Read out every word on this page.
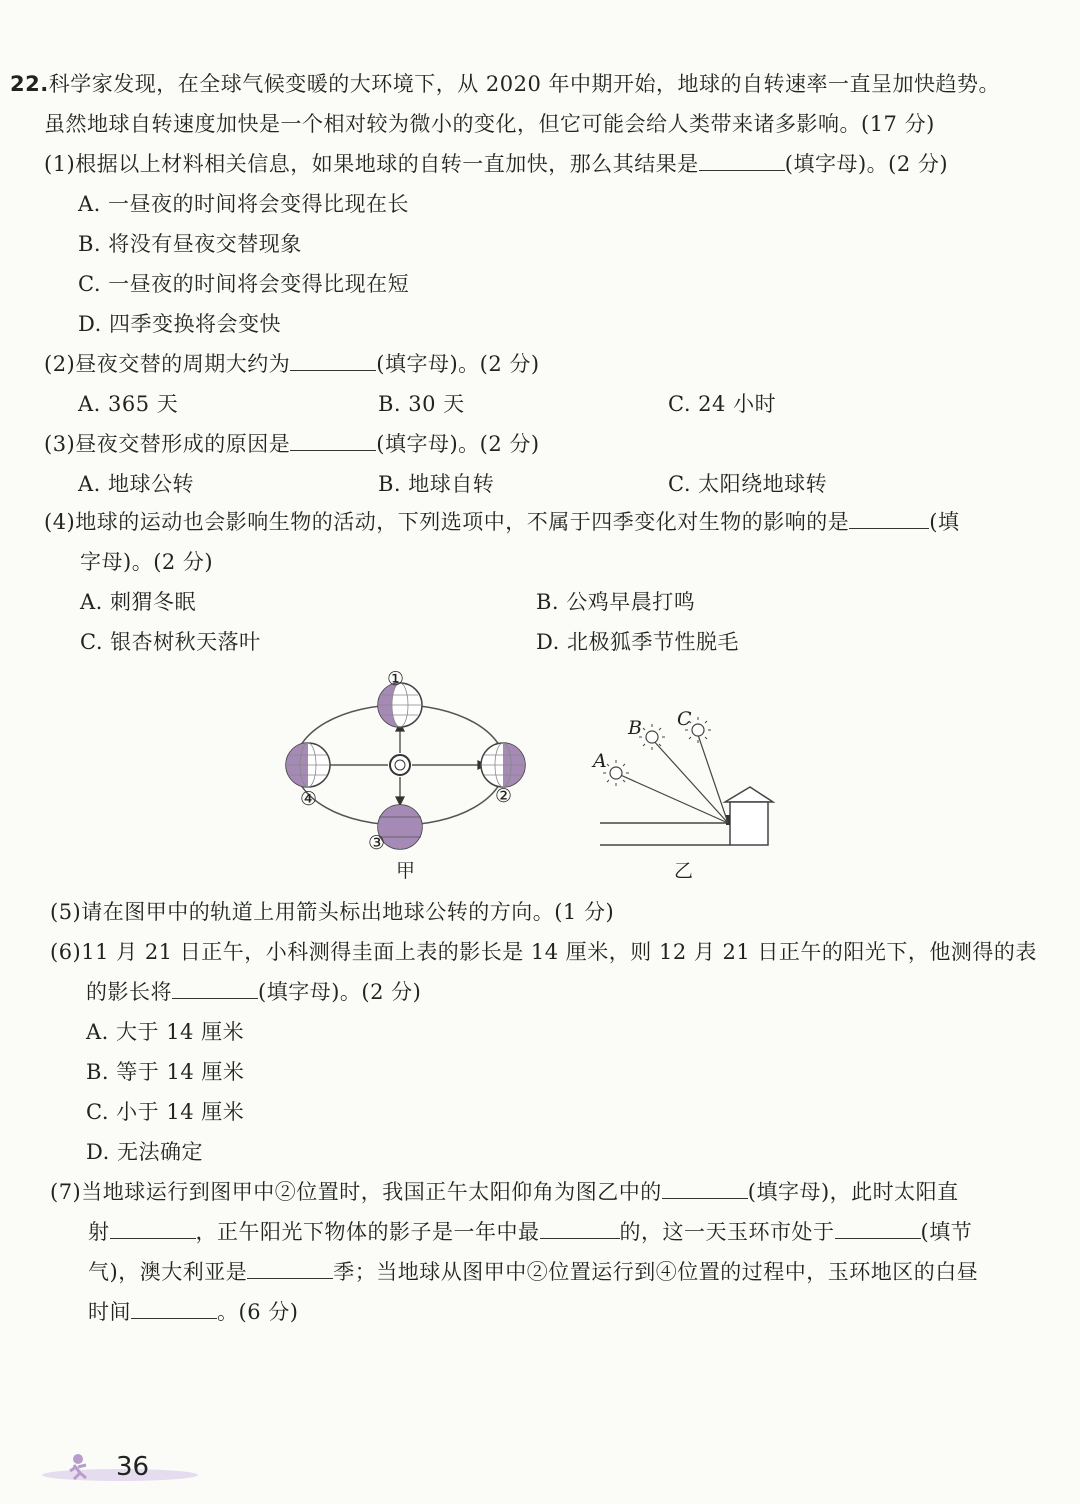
22.科学家发现，在全球气候变暖的大环境下，从 2020 年中期开始，地球的自转速率一直呈加快趋势。
虽然地球自转速度加快是一个相对较为微小的变化，但它可能会给人类带来诸多影响。(17 分)
(1)根据以上材料相关信息，如果地球的自转一直加快，那么其结果是	(填字母)。(2 分)
A. 一昼夜的时间将会变得比现在长
B. 将没有昼夜交替现象
C. 一昼夜的时间将会变得比现在短
D. 四季变换将会变快
(2)昼夜交替的周期大约为	(填字母)。(2 分)
A. 365 天	B. 30 天	C. 24 小时
(3)昼夜交替形成的原因是	(填字母)。(2 分)
A. 地球公转	B. 地球自转	C. 太阳绕地球转
(4)地球的运动也会影响生物的活动，下列选项中，不属于四季变化对生物的影响的是	(填
字母)。(2 分)
A. 刺猬冬眠	B. 公鸡早晨打鸣
C. 银杏树秋天落叶	D. 北极狐季节性脱毛
①
②
③
④
甲
A
B C
乙
(5)请在图甲中的轨道上用箭头标出地球公转的方向。(1 分)
(6)11 月 21 日正午，小科测得圭面上表的影长是 14 厘米，则 12 月 21 日正午的阳光下，他测得的表
的影长将	(填字母)。(2 分)
A. 大于 14 厘米
B. 等于 14 厘米
C. 小于 14 厘米
D. 无法确定
(7)当地球运行到图甲中②位置时，我国正午太阳仰角为图乙中的	(填字母)，此时太阳直
射	，正午阳光下物体的影子是一年中最	的，这一天玉环市处于	(填节
气)，澳大利亚是	季；当地球从图甲中②位置运行到④位置的过程中，玉环地区的白昼
时间	。(6 分)
36
